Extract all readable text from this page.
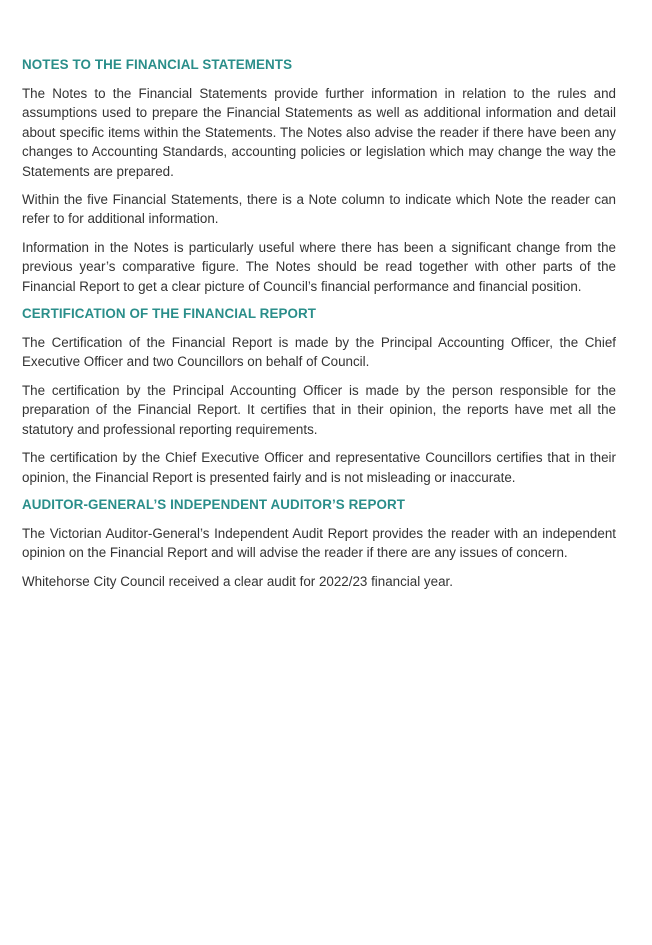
NOTES TO THE FINANCIAL STATEMENTS

The Notes to the Financial Statements provide further information in relation to the rules and assumptions used to prepare the Financial Statements as well as additional information and detail about specific items within the Statements. The Notes also advise the reader if there have been any changes to Accounting Standards, accounting policies or legislation which may change the way the Statements are prepared.

Within the five Financial Statements, there is a Note column to indicate which Note the reader can refer to for additional information.

Information in the Notes is particularly useful where there has been a significant change from the previous year’s comparative figure. The Notes should be read together with other parts of the Financial Report to get a clear picture of Council’s financial performance and financial position.

CERTIFICATION OF THE FINANCIAL REPORT

The Certification of the Financial Report is made by the Principal Accounting Officer, the Chief Executive Officer and two Councillors on behalf of Council.

The certification by the Principal Accounting Officer is made by the person responsible for the preparation of the Financial Report. It certifies that in their opinion, the reports have met all the statutory and professional reporting requirements.

The certification by the Chief Executive Officer and representative Councillors certifies that in their opinion, the Financial Report is presented fairly and is not misleading or inaccurate.

AUDITOR-GENERAL’S INDEPENDENT AUDITOR’S REPORT

The Victorian Auditor-General’s Independent Audit Report provides the reader with an independent opinion on the Financial Report and will advise the reader if there are any issues of concern.

Whitehorse City Council received a clear audit for 2022/23 financial year.
